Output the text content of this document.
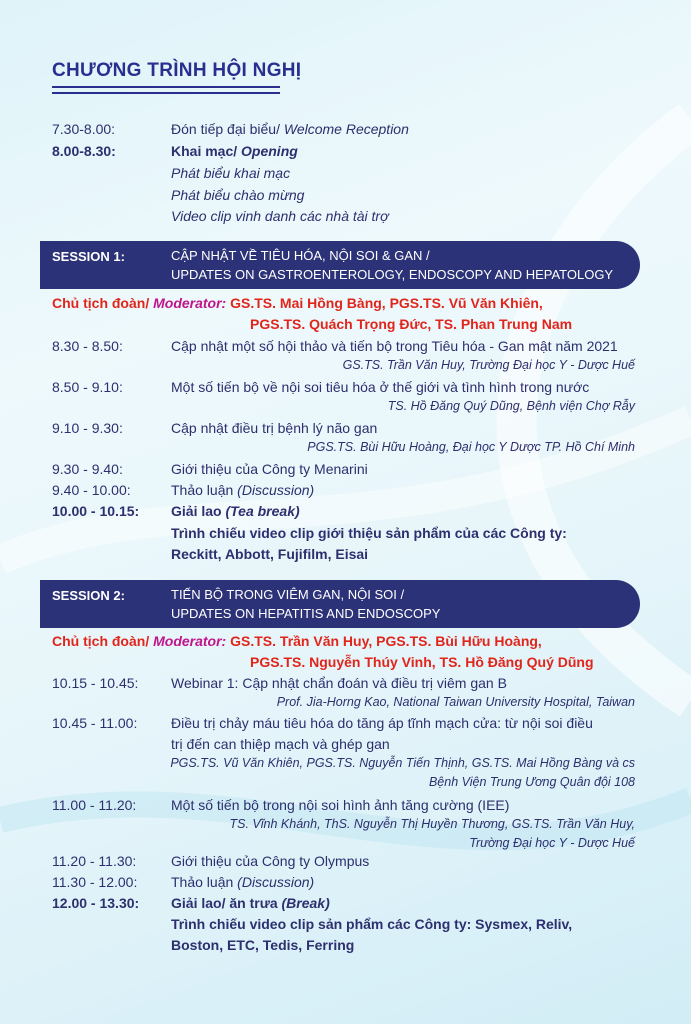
CHƯƠNG TRÌNH HỘI NGHỊ
7.30-8.00:	Đón tiếp đại biểu/ Welcome Reception
8.00-8.30:	Khai mạc/ Opening
Phát biểu khai mạc
Phát biểu chào mừng
Video clip vinh danh các nhà tài trợ
SESSION 1:	CẬP NHẬT VỀ TIÊU HÓA, NỘI SOI & GAN /
UPDATES ON GASTROENTEROLOGY, ENDOSCOPY AND HEPATOLOGY
Chủ tịch đoàn/ Moderator: GS.TS. Mai Hồng Bàng, PGS.TS. Vũ Văn Khiên,
PGS.TS. Quách Trọng Đức, TS. Phan Trung Nam
8.30 - 8.50:	Cập nhật một số hội thảo và tiến bộ trong Tiêu hóa - Gan mật năm 2021
GS.TS. Trần Văn Huy, Trường Đại học Y - Dược Huế
8.50 - 9.10:	Một số tiến bộ về nội soi tiêu hóa ở thế giới và tình hình trong nước
TS. Hồ Đăng Quý Dũng, Bệnh viện Chợ Rẫy
9.10 - 9.30:	Cập nhật điều trị bệnh lý não gan
PGS.TS. Bùi Hữu Hoàng, Đại học Y Dược TP. Hồ Chí Minh
9.30 - 9.40:	Giới thiệu của Công ty Menarini
9.40 - 10.00:	Thảo luận (Discussion)
10.00 - 10.15: Giải lao (Tea break)
Trình chiếu video clip giới thiệu sản phẩm của các Công ty:
Reckitt, Abbott, Fujifilm, Eisai
SESSION 2:	TIẾN BỘ TRONG VIÊM GAN, NỘI SOI /
UPDATES ON HEPATITIS AND ENDOSCOPY
Chủ tịch đoàn/ Moderator: GS.TS. Trần Văn Huy, PGS.TS. Bùi Hữu Hoàng,
PGS.TS. Nguyễn Thúy Vinh, TS. Hồ Đăng Quý Dũng
10.15 - 10.45: Webinar 1: Cập nhật chẩn đoán và điều trị viêm gan B
Prof. Jia-Horng Kao, National Taiwan University Hospital, Taiwan
10.45 - 11.00: Điều trị chảy máu tiêu hóa do tăng áp tĩnh mạch cửa: từ nội soi điều
trị đến can thiệp mạch và ghép gan
PGS.TS. Vũ Văn Khiên, PGS.TS. Nguyễn Tiến Thịnh, GS.TS. Mai Hồng Bàng và cs
Bệnh Viện Trung Ương Quân đội 108
11.00 - 11.20: Một số tiến bộ trong nội soi hình ảnh tăng cường (IEE)
TS. Vĩnh Khánh, ThS. Nguyễn Thị Huyền Thương, GS.TS. Trần Văn Huy,
Trường Đại học Y - Dược Huế
11.20 - 11.30: Giới thiệu của Công ty Olympus
11.30 - 12.00: Thảo luận (Discussion)
12.00 - 13.30: Giải lao/ ăn trưa (Break)
Trình chiếu video clip sản phẩm các Công ty: Sysmex, Reliv,
Boston, ETC, Tedis, Ferring
